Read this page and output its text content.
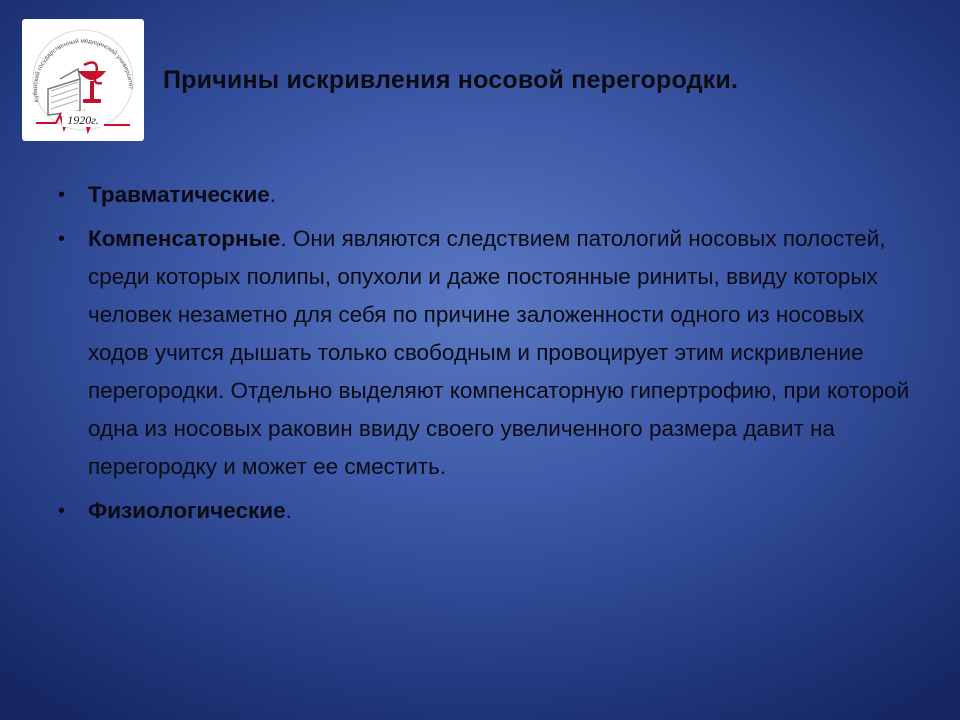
1920г.
Кубанский государственный медицинский университет Причины искривления носовой перегородки.
• Травматические.
• Компенсаторные. Они являются следствием патологий носовых полостей, среди которых полипы, опухоли и даже постоянные риниты, ввиду которых человек незаметно для себя по причине заложенности одного из носовых ходов учится дышать только свободным и провоцирует этим искривление перегородки. Отдельно выделяют компенсаторную гипертрофию, при которой одна из носовых раковин ввиду своего увеличенного размера давит на перегородку и может ее сместить.
• Физиологические.
